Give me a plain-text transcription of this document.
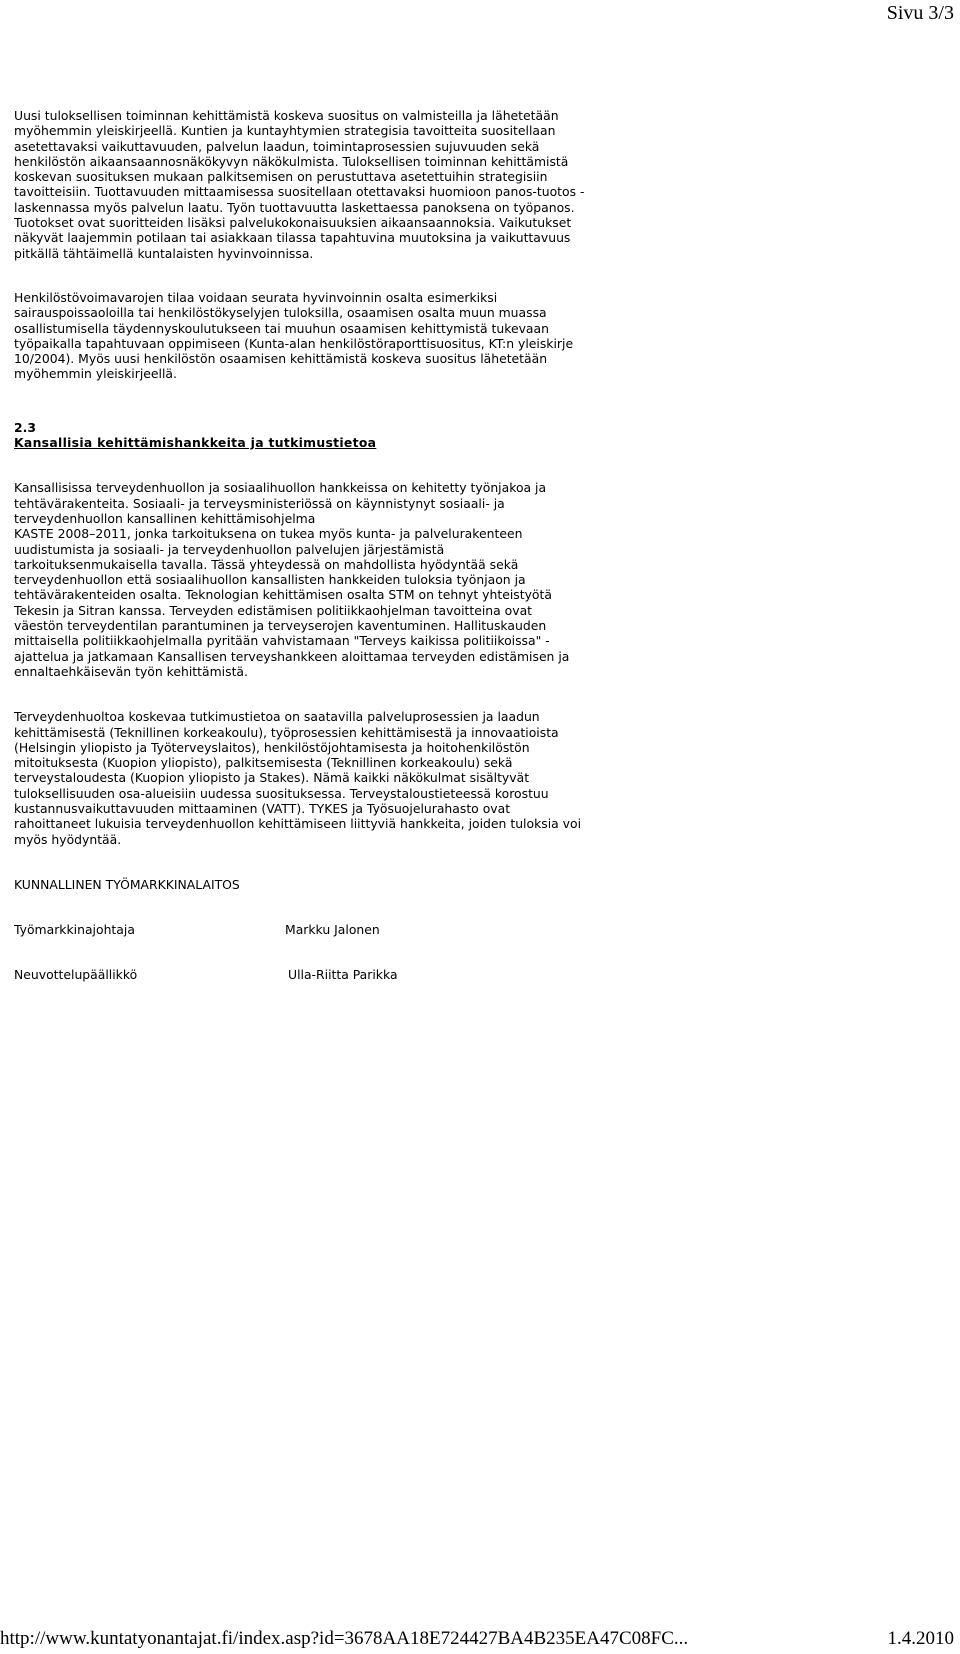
Sivu 3/3

Uusi tuloksellisen toiminnan kehittämistä koskeva suositus on valmisteilla ja lähetetään
myöhemmin yleiskirjeellä. Kuntien ja kuntayhtymien strategisia tavoitteita suositellaan
asetettavaksi vaikuttavuuden, palvelun laadun, toimintaprosessien sujuvuuden sekä
henkilöstön aikaansaannosnäkökyvyn näkökulmista. Tuloksellisen toiminnan kehittämistä
koskevan suosituksen mukaan palkitsemisen on perustuttava asetettuihin strategisiin
tavoitteisiin. Tuottavuuden mittaamisessa suositellaan otettavaksi huomioon panos-tuotos -
laskennassa myös palvelun laatu. Työn tuottavuutta laskettaessa panoksena on työpanos.
Tuotokset ovat suoritteiden lisäksi palvelukokonaisuuksien aikaansaannoksia. Vaikutukset
näkyvät laajemmin potilaan tai asiakkaan tilassa tapahtuvina muutoksina ja vaikuttavuus
pitkällä tähtäimellä kuntalaisten hyvinvoinnissa.

Henkilöstövoimavarojen tilaa voidaan seurata hyvinvoinnin osalta esimerkiksi
sairauspoissaoloilla tai henkilöstökyselyjen tuloksilla, osaamisen osalta muun muassa
osallistumisella täydennyskoulutukseen tai muuhun osaamisen kehittymistä tukevaan
työpaikalla tapahtuvaan oppimiseen (Kunta-alan henkilöstöraporttisuositus, KT:n yleiskirje
10/2004). Myös uusi henkilöstön osaamisen kehittämistä koskeva suositus lähetetään
myöhemmin yleiskirjeellä.

2.3
Kansallisia kehittämishankkeita ja tutkimustietoa

Kansallisissa terveydenhuollon ja sosiaalihuollon hankkeissa on kehitetty työnjakoa ja
tehtävärakenteita. Sosiaali- ja terveysministeriössä on käynnistynyt sosiaali- ja
terveydenhuollon kansallinen kehittämisohjelma
KASTE 2008–2011, jonka tarkoituksena on tukea myös kunta- ja palvelurakenteen
uudistumista ja sosiaali- ja terveydenhuollon palvelujen järjestämistä
tarkoituksenmukaisella tavalla. Tässä yhteydessä on mahdollista hyödyntää sekä
terveydenhuollon että sosiaalihuollon kansallisten hankkeiden tuloksia työnjaon ja
tehtävärakenteiden osalta. Teknologian kehittämisen osalta STM on tehnyt yhteistyötä
Tekesin ja Sitran kanssa. Terveyden edistämisen politiikkaohjelman tavoitteina ovat
väestön terveydentilan parantuminen ja terveyserojen kaventuminen. Hallituskauden
mittaisella politiikkaohjelmalla pyritään vahvistamaan "Terveys kaikissa politiikoissa" -
ajattelua ja jatkamaan Kansallisen terveyshankkeen aloittamaa terveyden edistämisen ja
ennaltaehkäisevän työn kehittämistä.

Terveydenhuoltoa koskevaa tutkimustietoa on saatavilla palveluprosessien ja laadun
kehittämisestä (Teknillinen korkeakoulu), työprosessien kehittämisestä ja innovaatioista
(Helsingin yliopisto ja Työterveyslaitos), henkilöstöjohtamisesta ja hoitohenkilöstön
mitoituksesta (Kuopion yliopisto), palkitsemisesta (Teknillinen korkeakoulu) sekä
terveystaloudesta (Kuopion yliopisto ja Stakes). Nämä kaikki näkökulmat sisältyvät
tuloksellisuuden osa-alueisiin uudessa suosituksessa. Terveystaloustieteessä korostuu
kustannusvaikuttavuuden mittaaminen (VATT). TYKES ja Työsuojelurahasto ovat
rahoittaneet lukuisia terveydenhuollon kehittämiseen liittyviä hankkeita, joiden tuloksia voi
myös hyödyntää.

KUNNALLINEN TYÖMARKKINALAITOS
Työmarkkinajohtaja	Markku Jalonen
Neuvottelupäällikkö	Ulla-Riitta Parikka
http://www.kuntatyonantajat.fi/index.asp?id=3678AA18E724427BA4B235EA47C08FC...	1.4.2010
